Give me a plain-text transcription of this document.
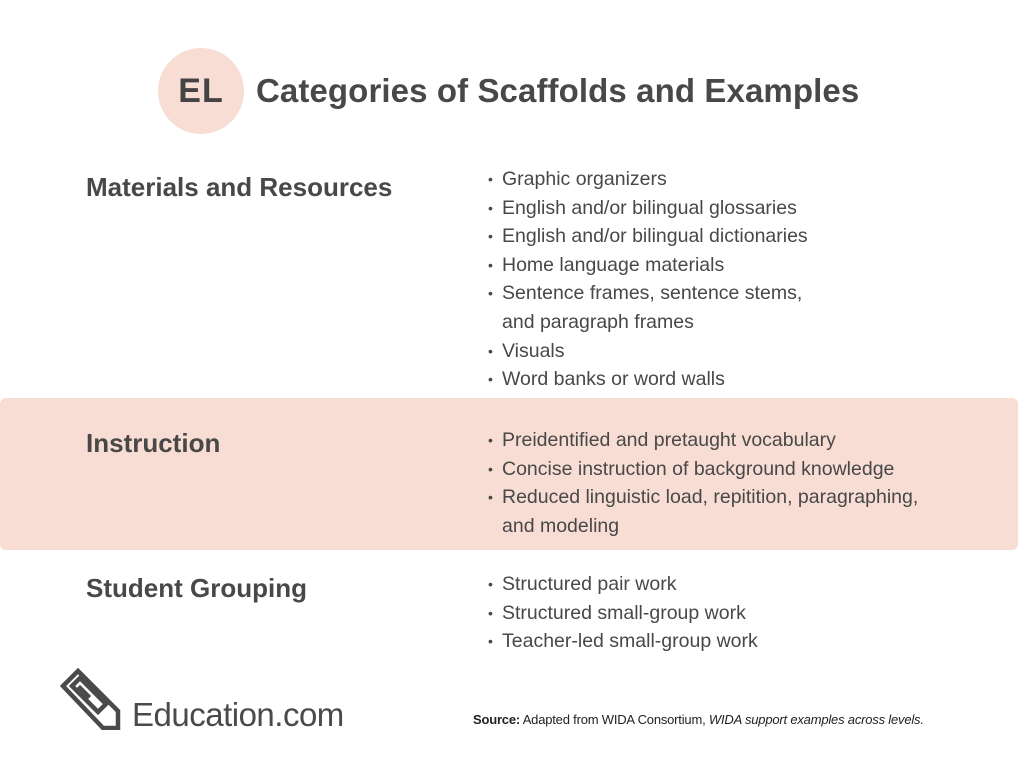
EL Categories of Scaffolds and Examples
Materials and Resources	• Graphic organizers
• English and/or bilingual glossaries
• English and/or bilingual dictionaries
• Home language materials
• Sentence frames, sentence stems,
and paragraph frames
• Visuals
• Word banks or word walls
Instruction	• Preidentified and pretaught vocabulary
• Concise instruction of background knowledge
• Reduced linguistic load, repitition, paragraphing,
and modeling
Student Grouping	• Structured pair work
• Structured small-group work
• Teacher-led small-group work
Education.com	Source: Adapted from WIDA Consortium, WIDA support examples across levels.
